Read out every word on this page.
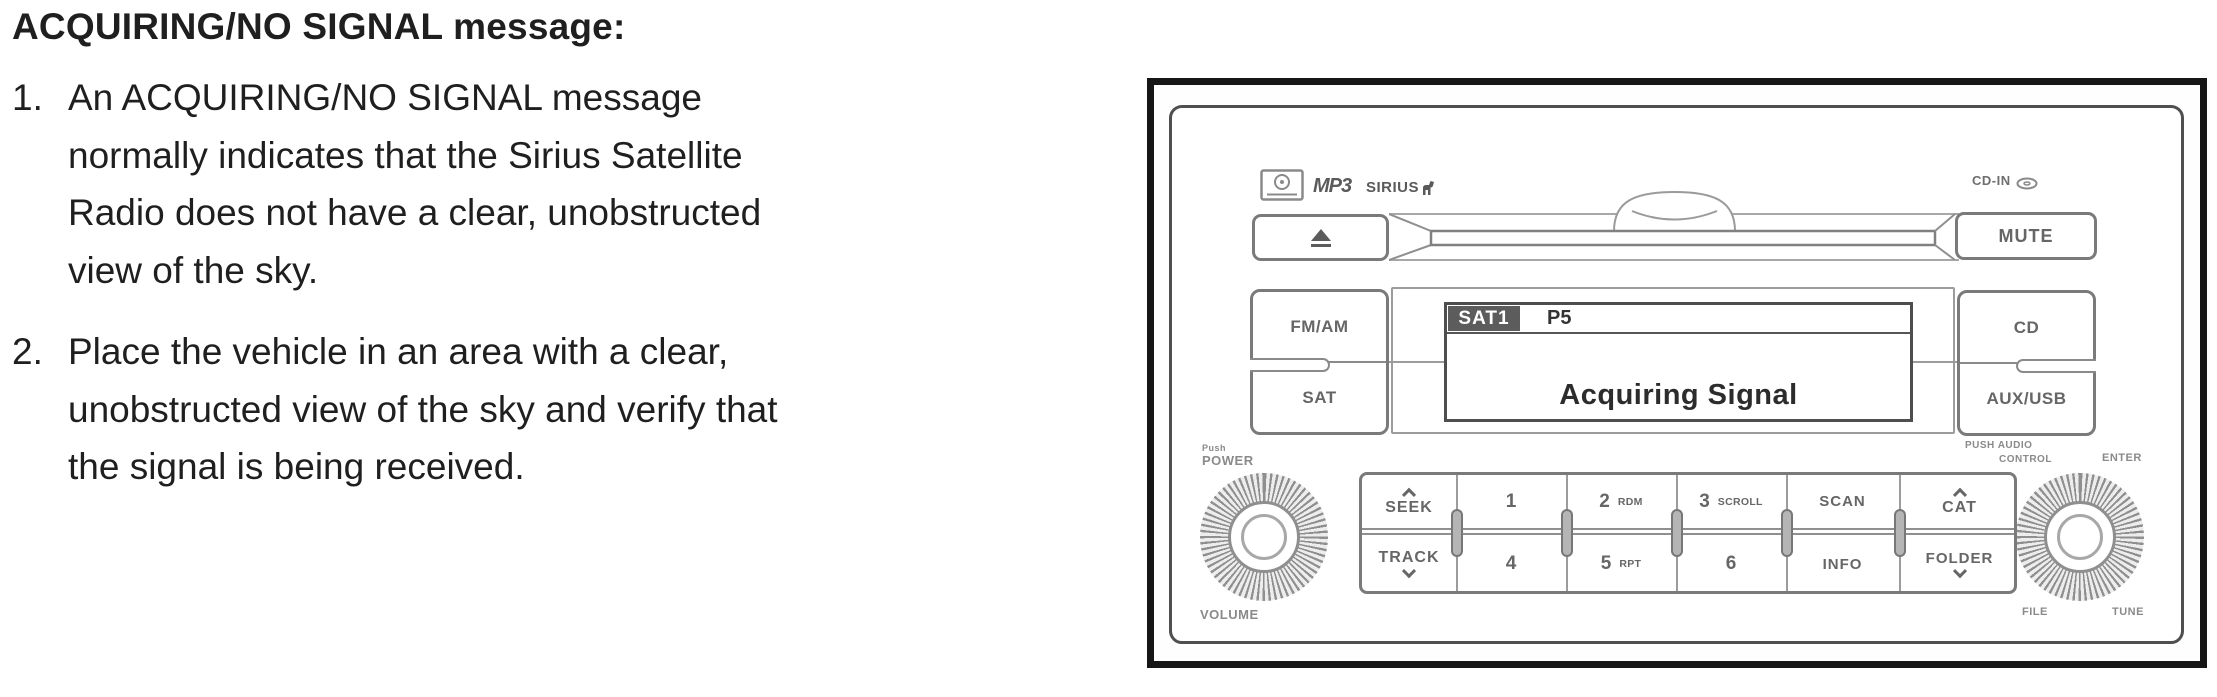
ACQUIRING/NO SIGNAL message:
1. An ACQUIRING/NO SIGNAL message
normally indicates that the Sirius Satellite
Radio does not have a clear, unobstructed
view of the sky.
2. Place the vehicle in an area with a clear,
unobstructed view of the sky and verify that
the signal is being received.
MP3 SIRIUS	CD-IN
MUTE
FM/AM
SAT
SAT1	P5
Acquiring Signal
CD
AUX/USB
Push
POWER
VOLUME
PUSH AUDIO
CONTROL	ENTER
FILE	TUNE
SEEK	1	2 RDM	3 SCROLL	SCAN	CAT
TRACK	4	5 RPT	6	INFO	FOLDER
